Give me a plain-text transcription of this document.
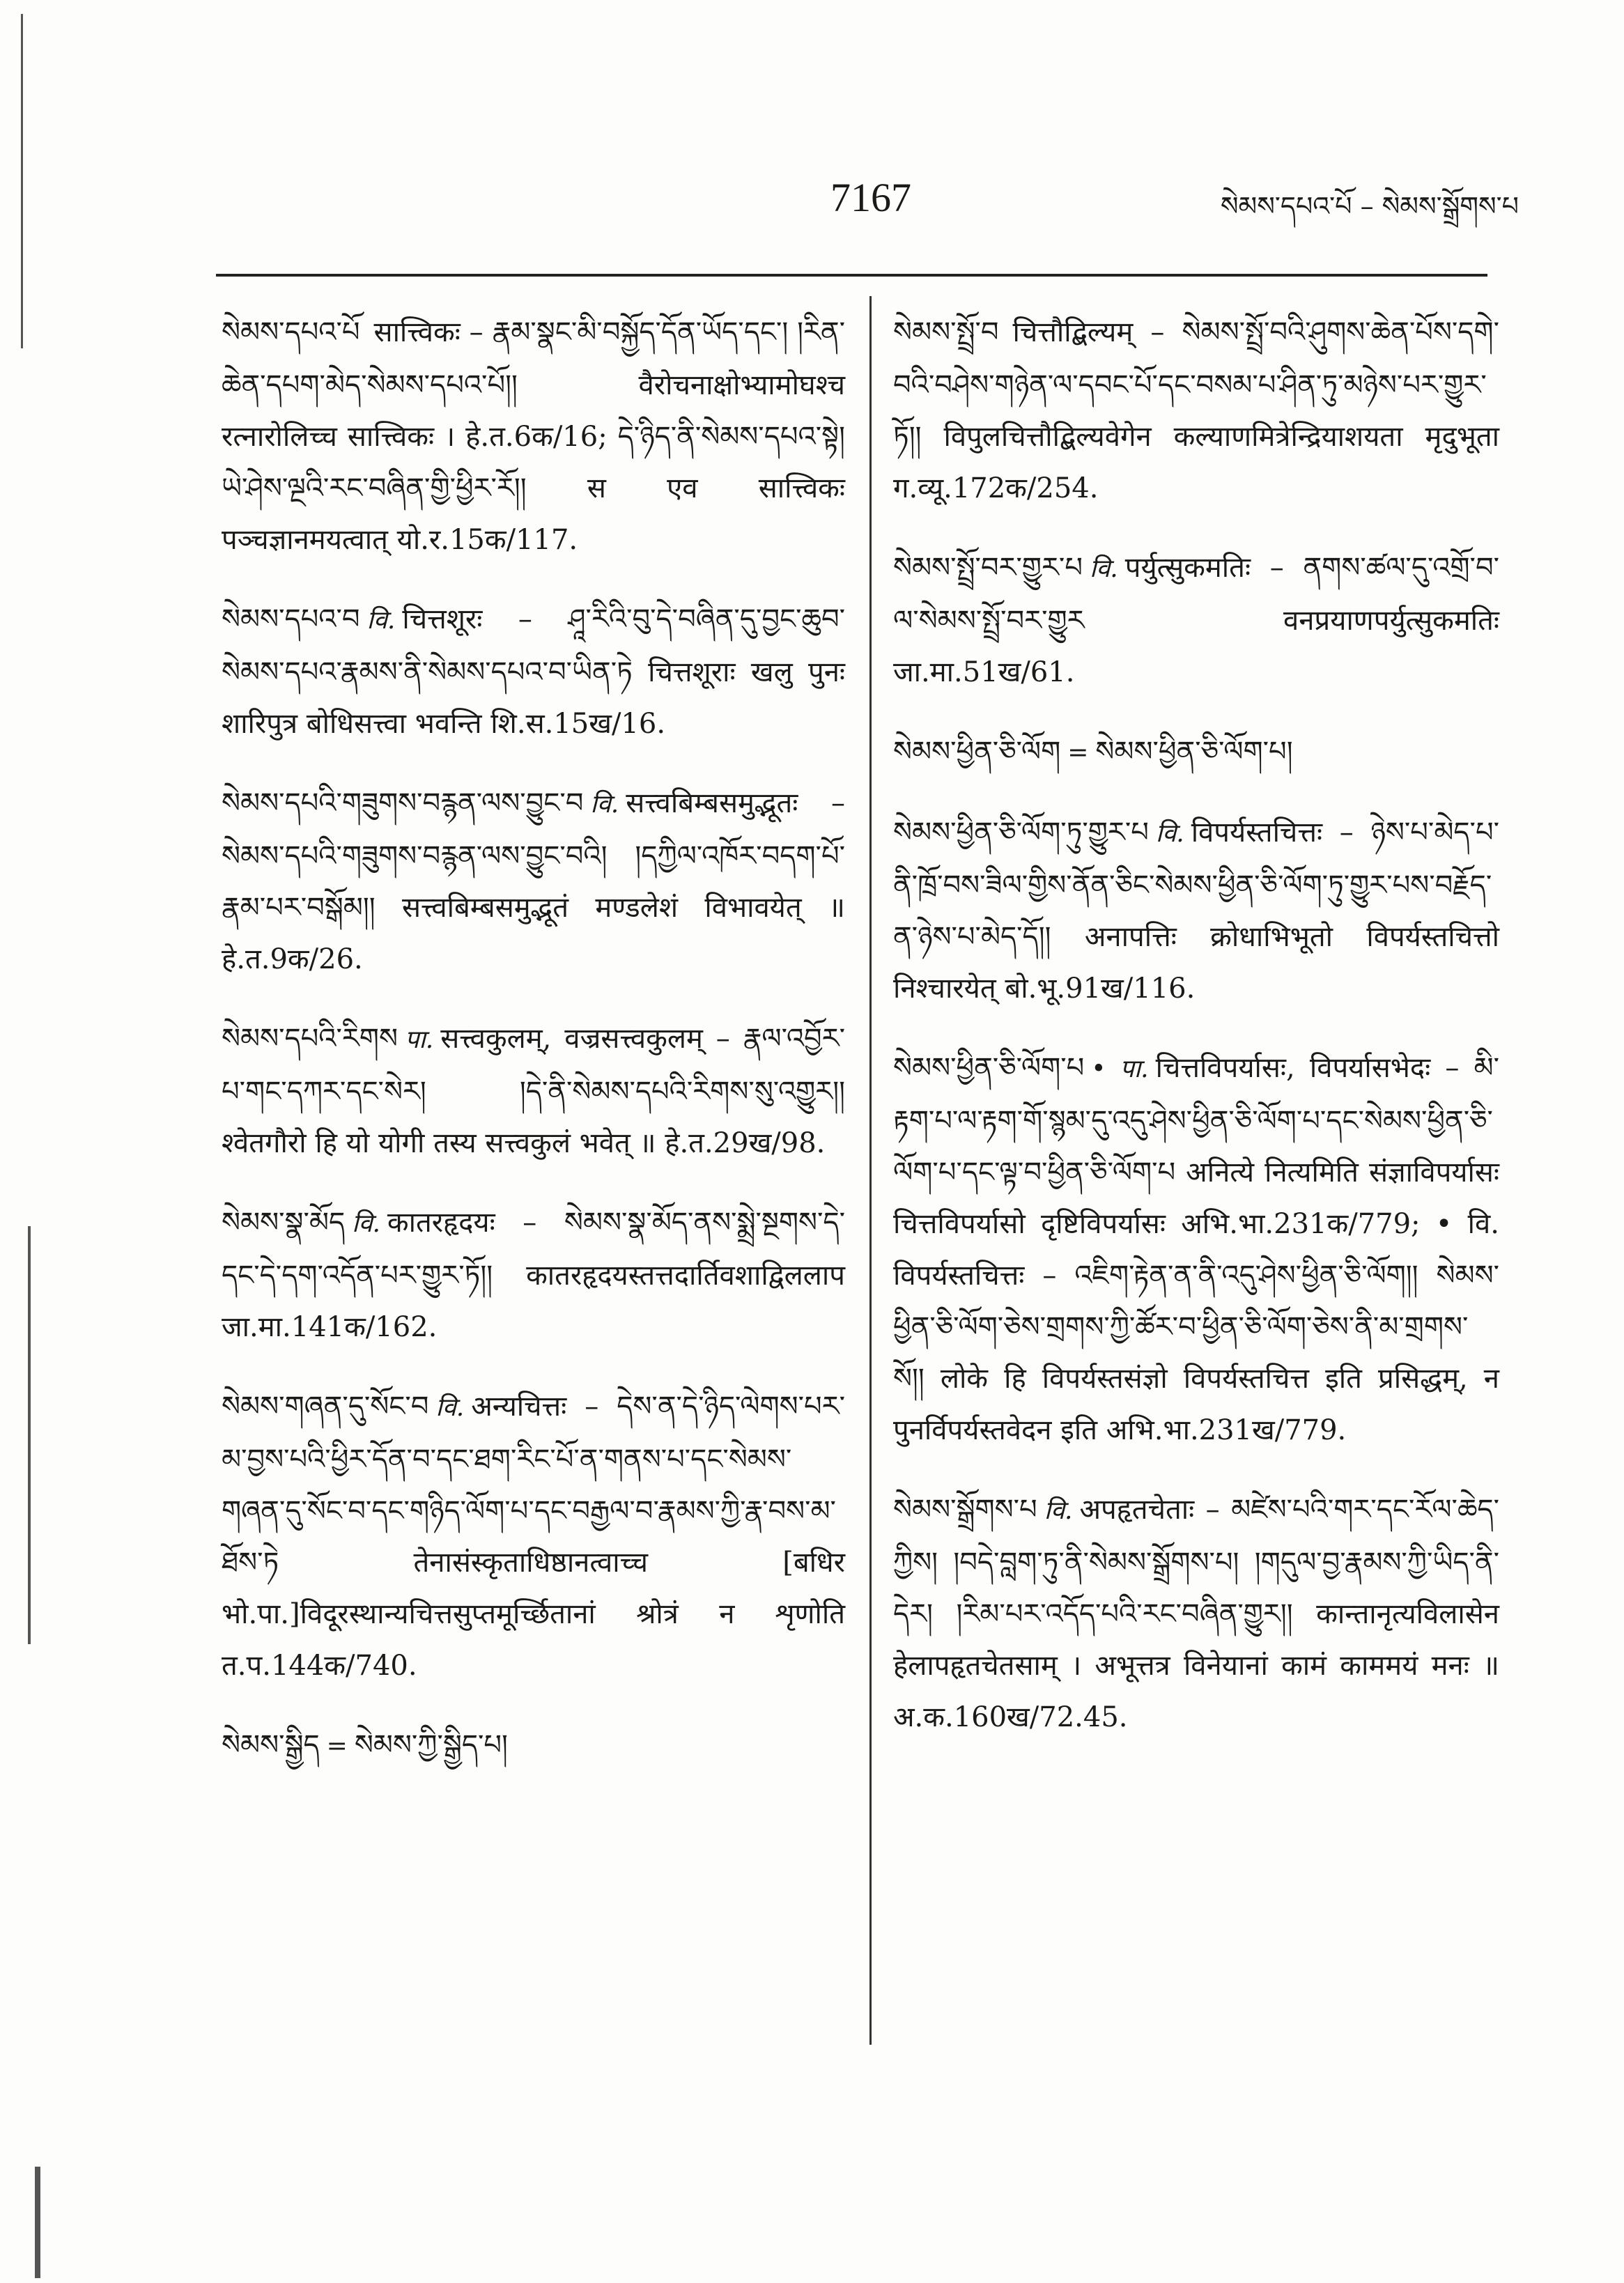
7167	སེམས་དཔའ་པོ – སེམས་སྒྲོགས་པ

སེམས་དཔའ་པོ सात्त्विकः – རྣམ་སྣང་མི་བསྐྱོད་དོན་ཡོད་དང་། །རིན་ཆེན་དཔག་མེད་སེམས་དཔའ་པོ།། वैरोचनाक्षोभ्यामोघश्च रत्नारोलिच्च सात्त्विकः । हे.त.6क/16; དེ་ཉིད་ནི་སེམས་དཔའ་སྟེ། ཡེ་ཤེས་ལྔའི་རང་བཞིན་གྱི་ཕྱིར་རོ།། स एव सात्त्विकः पञ्चज्ञानमयत्वात् यो.र.15क/117.

སེམས་དཔའ་བ वि. चित्तशूरः – ཤཱ་རིའི་བུ་དེ་བཞིན་དུ་བྱང་ཆུབ་སེམས་དཔའ་རྣམས་ནི་སེམས་དཔའ་བ་ཡིན་ཏེ चित्तशूराः खलु पुनः शारिपुत्र बोधिसत्त्वा भवन्ति शि.स.15ख/16.

སེམས་དཔའི་གཟུགས་བརྙན་ལས་བྱུང་བ वि. सत्त्वबिम्बसमुद्भूतः – སེམས་དཔའི་གཟུགས་བརྙན་ལས་བྱུང་བའི། །དཀྱིལ་འཁོར་བདག་པོ་རྣམ་པར་བསྒོམ།། सत्त्वबिम्बसमुद्भूतं मण्डलेशं विभावयेत् ॥ हे.त.9क/26.

སེམས་དཔའི་རིགས पा. सत्त्वकुलम्, वज्रसत्त्वकुलम् – རྣལ་འབྱོར་པ་གང་དཀར་དང་སེར། །དེ་ནི་སེམས་དཔའི་རིགས་སུ་འགྱུར།། श्वेतगौरो हि यो योगी तस्य सत्त्वकुलं भवेत् ॥ हे.त.29ख/98.

སེམས་སྣ་མོད वि. कातरहृदयः – སེམས་སྣ་མོད་ནས་སྨྲེ་སྔགས་དེ་དང་དེ་དག་འདོན་པར་གྱུར་ཏོ།། कातरहृदयस्तत्तदार्तिवशाद्विललाप जा.मा.141क/162.

སེམས་གཞན་དུ་སོང་བ वि. अन्यचित्तः – དེས་ན་དེ་ཉིད་ལེགས་པར་མ་བྱས་པའི་ཕྱིར་དོན་བ་དང་ཐག་རིང་པོ་ན་གནས་པ་དང་སེམས་གཞན་དུ་སོང་བ་དང་གཉིད་ལོག་པ་དང་བརྒྱལ་བ་རྣམས་ཀྱི་རྣ་བས་མ་ཐོས་ཏེ तेनासंस्कृताधिष्ठानत्वाच्च [बधिर भो.पा.]विदूरस्थान्यचित्तसुप्तमूर्च्छितानां श्रोत्रं न शृणोति त.प.144क/740.

སེམས་སྒྱིད = སེམས་ཀྱི་སྒྱིད་པ།

སེམས་སྤྲོ་བ चित्तौद्बिल्यम् – སེམས་སྤྲོ་བའི་ཤུགས་ཆེན་པོས་དགེ་བའི་བཤེས་གཉེན་ལ་དབང་པོ་དང་བསམ་པ་ཤིན་ཏུ་མཉེས་པར་གྱུར་ཏོ།། विपुलचित्तौद्बिल्यवेगेन कल्याणमित्रेन्द्रियाशयता मृदुभूता ग.व्यू.172क/254.

སེམས་སྤྲོ་བར་གྱུར་པ वि. पर्युत्सुकमतिः – ནགས་ཚལ་དུ་འགྲོ་བ་ལ་སེམས་སྤྲོ་བར་གྱུར वनप्रयाणपर्युत्सुकमतिः जा.मा.51ख/61.

སེམས་ཕྱིན་ཅི་ལོག = སེམས་ཕྱིན་ཅི་ལོག་པ།

སེམས་ཕྱིན་ཅི་ལོག་ཏུ་གྱུར་པ वि. विपर्यस्तचित्तः – ཉེས་པ་མེད་པ་ནི་ཁྲོ་བས་ཟིལ་གྱིས་ནོན་ཅིང་སེམས་ཕྱིན་ཅི་ལོག་ཏུ་གྱུར་པས་བརྗོད་ན་ཉེས་པ་མེད་དོ།། अनापत्तिः क्रोधाभिभूतो विपर्यस्तचित्तो निश्चारयेत् बो.भू.91ख/116.

སེམས་ཕྱིན་ཅི་ལོག་པ • पा. चित्तविपर्यासः, विपर्यासभेदः – མི་རྟག་པ་ལ་རྟག་གོ་སྙམ་དུ་འདུ་ཤེས་ཕྱིན་ཅི་ལོག་པ་དང་སེམས་ཕྱིན་ཅི་ལོག་པ་དང་ལྟ་བ་ཕྱིན་ཅི་ལོག་པ अनित्ये नित्यमिति संज्ञाविपर्यासः चित्तविपर्यासो दृष्टिविपर्यासः अभि.भा.231क/779; • वि. विपर्यस्तचित्तः – འཇིག་རྟེན་ན་ནི་འདུ་ཤེས་ཕྱིན་ཅི་ལོག།། སེམས་ཕྱིན་ཅི་ལོག་ཅེས་གྲགས་ཀྱི་ཚོར་བ་ཕྱིན་ཅི་ལོག་ཅེས་ནི་མ་གྲགས་སོ།། लोके हि विपर्यस्तसंज्ञो विपर्यस्तचित्त इति प्रसिद्धम्, न पुनर्विपर्यस्तवेदन इति अभि.भा.231ख/779.

སེམས་སྒྲོགས་པ वि. अपहृतचेताः – མཛེས་པའི་གར་དང་རོལ་ཆེད་ཀྱིས། །བདེ་བླག་ཏུ་ནི་སེམས་སྒྲོགས་པ། །གདུལ་བྱ་རྣམས་ཀྱི་ཡིད་ནི་དེར། །རིམ་པར་འདོད་པའི་རང་བཞིན་གྱུར།། कान्तानृत्यविलासेन हेलापहृतचेतसाम् । अभूत्तत्र विनेयानां कामं काममयं मनः ॥ अ.क.160ख/72.45.
